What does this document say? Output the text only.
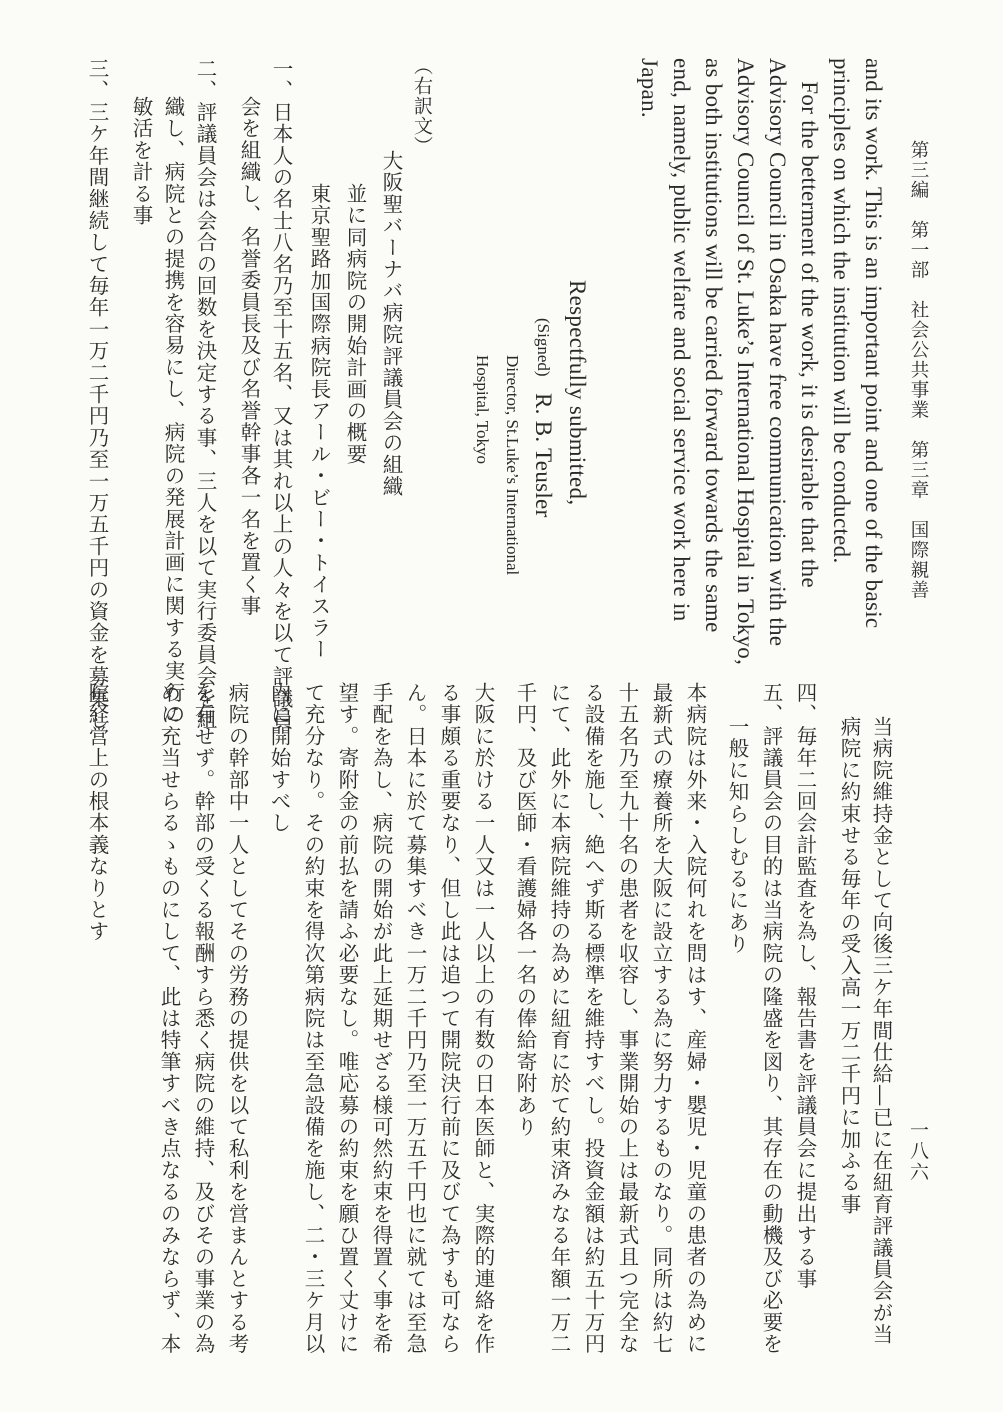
第三編　第一部　社会公共事業　第三章　国際親善
一八六
and its work. This is an important point and one of the basic
principles on which the institution will be conducted.
　For the betterment of the work, it is desirable that the
Advisory Council in Osaka have free communication with the
Advisory Council of St. Luke’s International Hospital in Tokyo,
as both institutions will be carried forward towards the same
end, namely, public welfare and social service work here in
Japan.
Respectfully submitted,
(Signed)R. B. Teusler
Director, St.Luke’s International
Hospital, Tokyo
（右訳文）
大阪聖バーナバ病院評議員会の組織
並に同病院の開始計画の概要
東京聖路加国際病院長アール・ビー・トイスラー
一、日本人の名士八名乃至十五名、又は其れ以上の人々を以て評議員
会を組織し、名誉委員長及び名誉幹事各一名を置く事
二、評議員会は会合の回数を決定する事、三人を以て実行委員会を組
織し、病院との提携を容易にし、病院の発展計画に関する実行の
敏活を計る事
三、三ケ年間継続して毎年一万二千円乃至一万五千円の資金を募集し
当病院維持金として向後三ケ年間仕給―已に在紐育評議員会が当
病院に約束せる毎年の受入高一万二千円に加ふる事
四、毎年二回会計監査を為し、報告書を評議員会に提出する事
五、評議員会の目的は当病院の隆盛を図り、其存在の動機及び必要を
一般に知らしむるにあり
本病院は外来・入院何れを問はす、産婦・嬰児・児童の患者の為めに
最新式の療養所を大阪に設立する為に努力するものなり。同所は約七
十五名乃至九十名の患者を収容し、事業開始の上は最新式且つ完全な
る設備を施し、絶へず斯る標準を維持すべし。投資金額は約五十万円
にて、此外に本病院維持の為めに紐育に於て約束済みなる年額一万二
千円、及び医師・看護婦各一名の俸給寄附あり
大阪に於ける一人又は一人以上の有数の日本医師と、実際的連絡を作
る事頗る重要なり、但し此は追つて開院決行前に及びて為すも可なら
ん。日本に於て募集すべき一万二千円乃至一万五千円也に就ては至急
手配を為し、病院の開始が此上延期せざる様可然約束を得置く事を希
望す。寄附金の前払を請ふ必要なし。唯応募の約束を願ひ置く丈けに
て充分なり。その約束を得次第病院は至急設備を施し、二・三ケ月以
内に開始すべし
病院の幹部中一人としてその労務の提供を以て私利を営まんとする考
を有せず。幹部の受くる報酬すら悉く病院の維持、及びその事業の為
めに充当せらるゝものにして、此は特筆すべき点なるのみならず、本
院経営上の根本義なりとす
